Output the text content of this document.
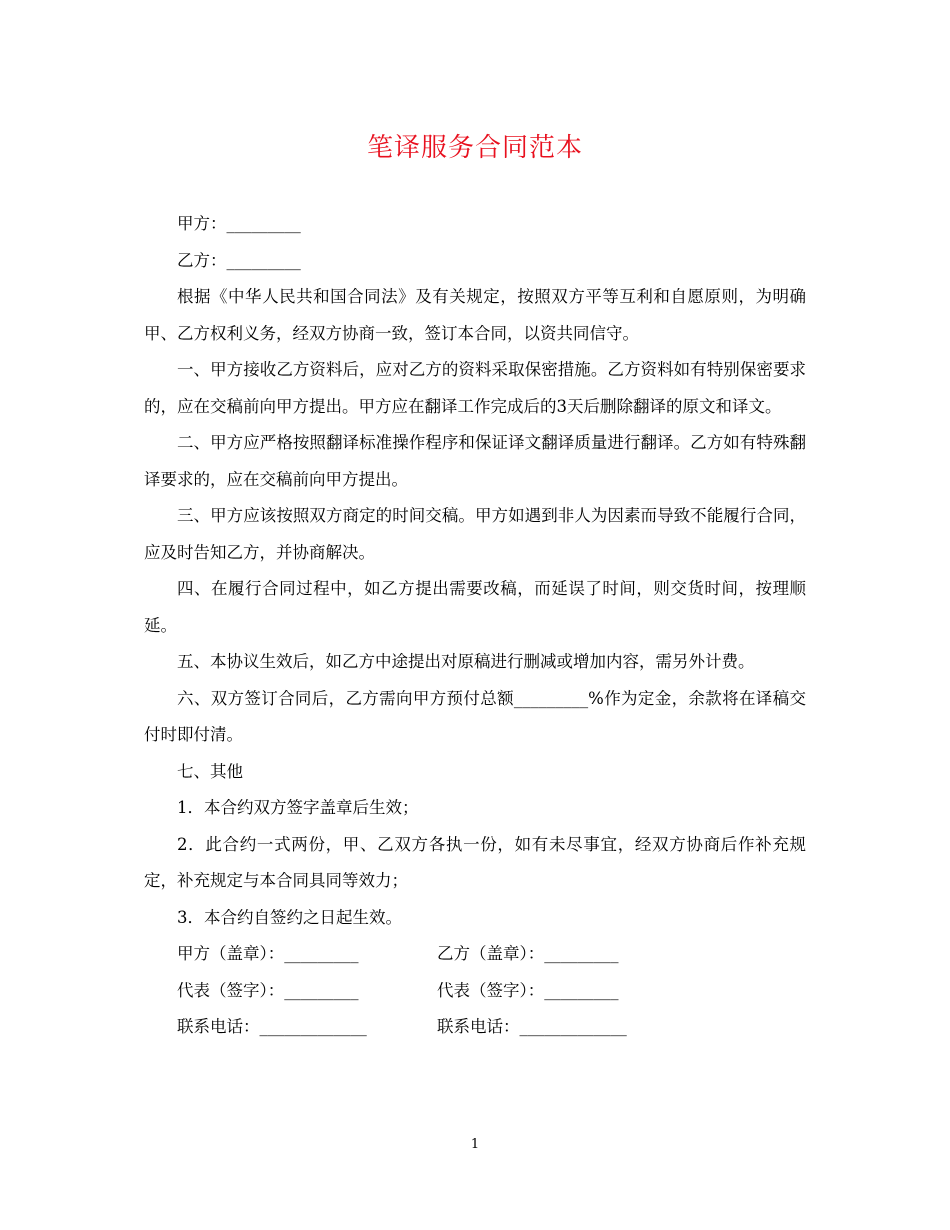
笔译服务合同范本

甲方：_________

乙方：_________

根据《中华人民共和国合同法》及有关规定，按照双方平等互利和自愿原则，为明确甲、乙方权利义务，经双方协商一致，签订本合同，以资共同信守。

一、甲方接收乙方资料后，应对乙方的资料采取保密措施。乙方资料如有特别保密要求的，应在交稿前向甲方提出。甲方应在翻译工作完成后的3天后删除翻译的原文和译文。

二、甲方应严格按照翻译标准操作程序和保证译文翻译质量进行翻译。乙方如有特殊翻译要求的，应在交稿前向甲方提出。

三、甲方应该按照双方商定的时间交稿。甲方如遇到非人为因素而导致不能履行合同，应及时告知乙方，并协商解决。

四、在履行合同过程中，如乙方提出需要改稿，而延误了时间，则交货时间，按理顺延。

五、本协议生效后，如乙方中途提出对原稿进行删减或增加内容，需另外计费。

六、双方签订合同后，乙方需向甲方预付总额_________%作为定金，余款将在译稿交付时即付清。

七、其他

1．本合约双方签字盖章后生效；

2．此合约一式两份，甲、乙双方各执一份，如有未尽事宜，经双方协商后作补充规定，补充规定与本合同具同等效力；

3．本合约自签约之日起生效。

甲方（盖章）：_________	乙方（盖章）：_________
代表（签字）：_________	代表（签字）：_________
联系电话：_____________	联系电话：_____________
1
